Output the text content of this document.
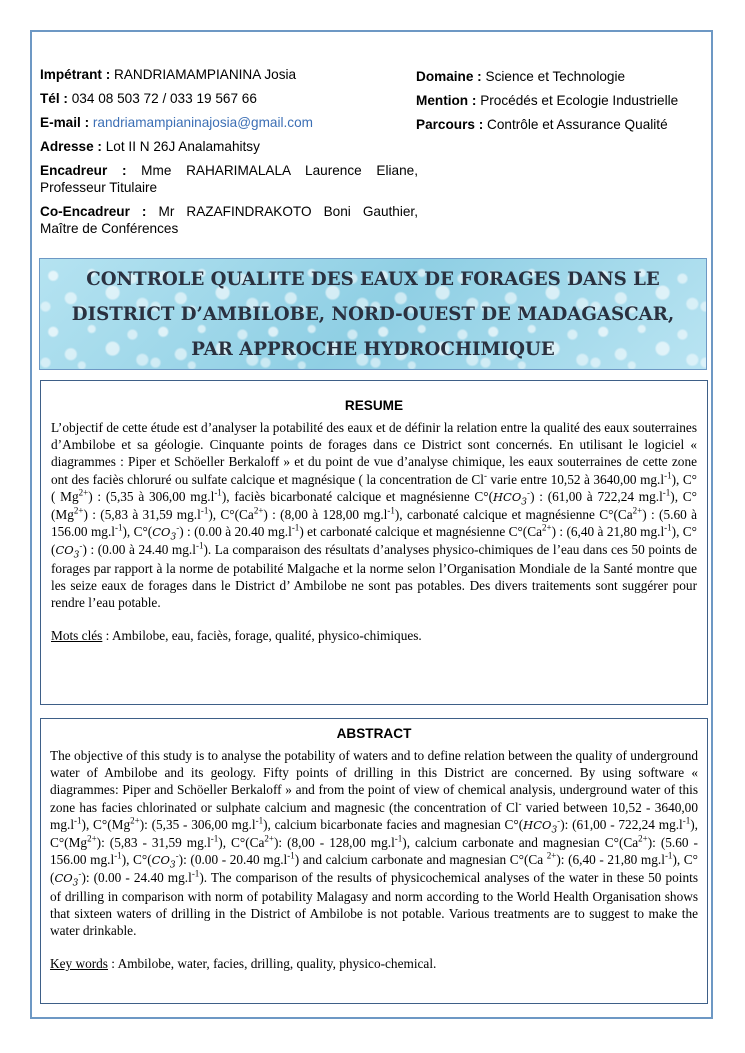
Impétrant : RANDRIAMAMPIANINA Josia

Tél : 034 08 503 72 / 033 19 567 66

E-mail : randriamampianinajosia@gmail.com

Adresse : Lot II N 26J Analamahitsy

Encadreur : Mme RAHARIMALALA Laurence Eliane,

Professeur Titulaire

Co-Encadreur : Mr RAZAFINDRAKOTO Boni Gauthier,

Maître de Conférences

Domaine : Science et Technologie

Mention : Procédés et Ecologie Industrielle

Parcours : Contrôle et Assurance Qualité

CONTROLE QUALITE DES EAUX DE FORAGES DANS LE
DISTRICT D’AMBILOBE, NORD-OUEST DE MADAGASCAR,
PAR APPROCHE HYDROCHIMIQUE

RESUME

L’objectif de cette étude est d’analyser la potabilité des eaux et de définir la relation entre la qualité des eaux souterraines d’Ambilobe et sa géologie. Cinquante points de forages dans ce District sont concernés. En utilisant le logiciel « diagrammes : Piper et Schöeller Berkaloff » et du point de vue d’analyse chimique, les eaux souterraines de cette zone ont des faciès chloruré ou sulfate calcique et magnésique ( la concentration de Cl- varie entre 10,52 à 3640,00 $mg.l^{-1}$), C°( $Mg^{2+}$) : (5,35 à 306,00 $mg.l^{-1}$), faciès bicarbonaté calcique et magnésienne $C^\circ(HCO_3^-)$ : (61,00 à 722,24 $mg.l^{-1}$), $C^\circ(Mg^{2+})$ : (5,83 à 31,59 $mg.l^{-1}$), $C^\circ(Ca^{2+})$ : (8,00 à 128,00 $mg.l^{-1}$), carbonaté calcique et magnésienne $C^\circ(Ca^{2+})$ : (5.60 à 156.00 $mg.l^{-1}$), $C^\circ(CO_3^-)$ : (0.00 à 20.40 $mg.l^{-1}$) et carbonaté calcique et magnésienne $C^\circ(Ca^{2+})$ : (6,40 à 21,80 $mg.l^{-1}$), $C^\circ(CO_3^-)$ : (0.00 à 24.40 $mg.l^{-1}$). La comparaison des résultats d’analyses physico-chimiques de l’eau dans ces 50 points de forages par rapport à la norme de potabilité Malgache et la norme selon l’Organisation Mondiale de la Santé montre que les seize eaux de forages dans le District d’ Ambilobe ne sont pas potables. Des divers traitements sont suggérer pour rendre l’eau potable.

Mots clés : Ambilobe, eau, faciès, forage, qualité, physico-chimiques.

ABSTRACT

The objective of this study is to analyse the potability of waters and to define relation between the quality of underground water of Ambilobe and its geology. Fifty points of drilling in this District are concerned. By using software « diagrammes: Piper and Schöeller Berkaloff » and from the point of view of chemical analysis, underground water of this zone has facies chlorinated or sulphate calcium and magnesic (the concentration of Cl- varied between 10,52 - 3640,00 $mg.l^{-1}$), $C^\circ(Mg^{2+})$: (5,35 - 306,00 $mg.l^{-1}$), calcium bicarbonate facies and magnesian $C^\circ(HCO_3^-)$: (61,00 - 722,24 $mg.l^{-1}$), $C^\circ(Mg^{2+})$: (5,83 - 31,59 $mg.l^{-1}$), $C^\circ(Ca^{2+})$: (8,00 - 128,00 $mg.l^{-1}$), calcium carbonate and magnesian $C^\circ(Ca^{2+})$: (5.60 - 156.00 $mg.l^{-1}$), $C^\circ(CO_3^-)$: (0.00 - 20.40 $mg.l^{-1}$) and calcium carbonate and magnesian C°(Ca $^{2+}$): (6,40 - 21,80 $mg.l^{-1}$), $C^\circ(CO_3^-)$: (0.00 - 24.40 $mg.l^{-1}$). The comparison of the results of physicochemical analyses of the water in these 50 points of drilling in comparison with norm of potability Malagasy and norm according to the World Health Organisation shows that sixteen waters of drilling in the District of Ambilobe is not potable. Various treatments are to suggest to make the water drinkable.

Key words : Ambilobe, water, facies, drilling, quality, physico-chemical.
